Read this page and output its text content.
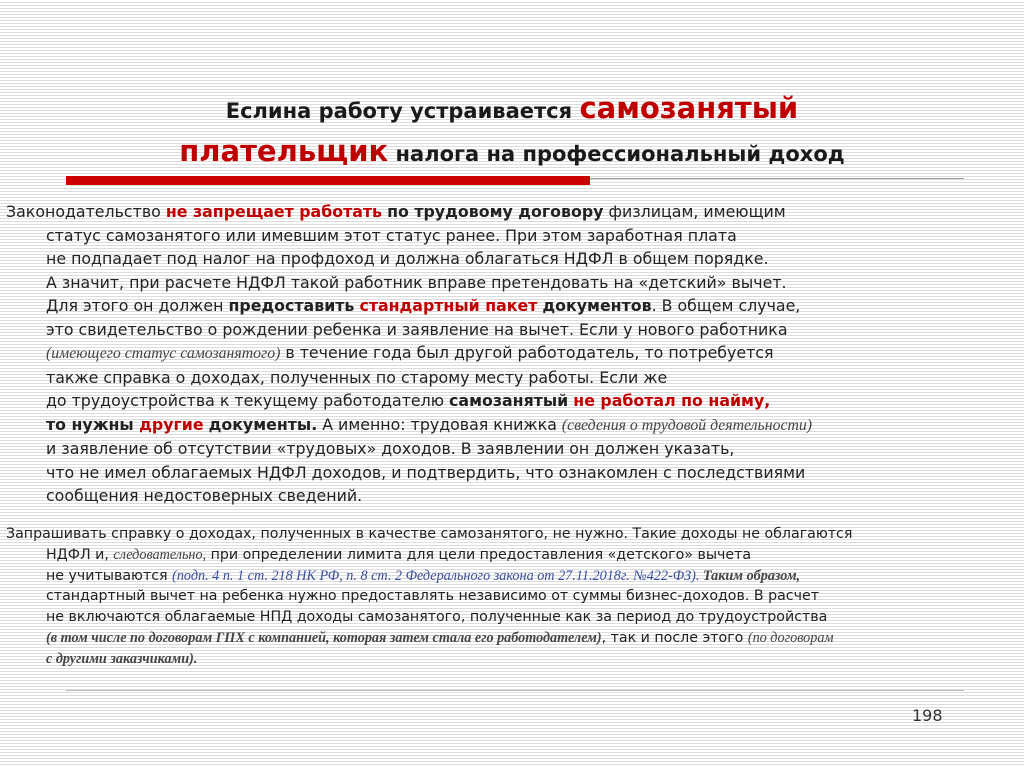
Еслина работу устраивается самозанятый
плательщик налога на профессиональный доход
Законодательство не запрещает работать по трудовому договору физлицам, имеющим
статус самозанятого или имевшим этот статус ранее. При этом заработная плата
не подпадает под налог на профдоход и должна облагаться НДФЛ в общем порядке.
А значит, при расчете НДФЛ такой работник вправе претендовать на «детский» вычет.
Для этого он должен предоставить стандартный пакет документов. В общем случае,
это свидетельство о рождении ребенка и заявление на вычет. Если у нового работника
(имеющего статус самозанятого) в течение года был другой работодатель, то потребуется
также справка о доходах, полученных по старому месту работы. Если же
до трудоустройства к текущему работодателю самозанятый не работал по найму,
то нужны другие документы. А именно: трудовая книжка (сведения о трудовой деятельности)
и заявление об отсутствии «трудовых» доходов. В заявлении он должен указать,
что не имел облагаемых НДФЛ доходов, и подтвердить, что ознакомлен с последствиями
сообщения недостоверных сведений.
Запрашивать справку о доходах, полученных в качестве самозанятого, не нужно. Такие доходы не облагаются
НДФЛ и, следовательно, при определении лимита для цели предоставления «детского» вычета
не учитываются (подп. 4 п. 1 ст. 218 НК РФ, п. 8 ст. 2 Федерального закона от 27.11.2018г. №422-ФЗ). Таким образом,
стандартный вычет на ребенка нужно предоставлять независимо от суммы бизнес-доходов. В расчет
не включаются облагаемые НПД доходы самозанятого, полученные как за период до трудоустройства
(в том числе по договорам ГПХ с компанией, которая затем стала его работодателем), так и после этого (по договорам
с другими заказчиками).
198
